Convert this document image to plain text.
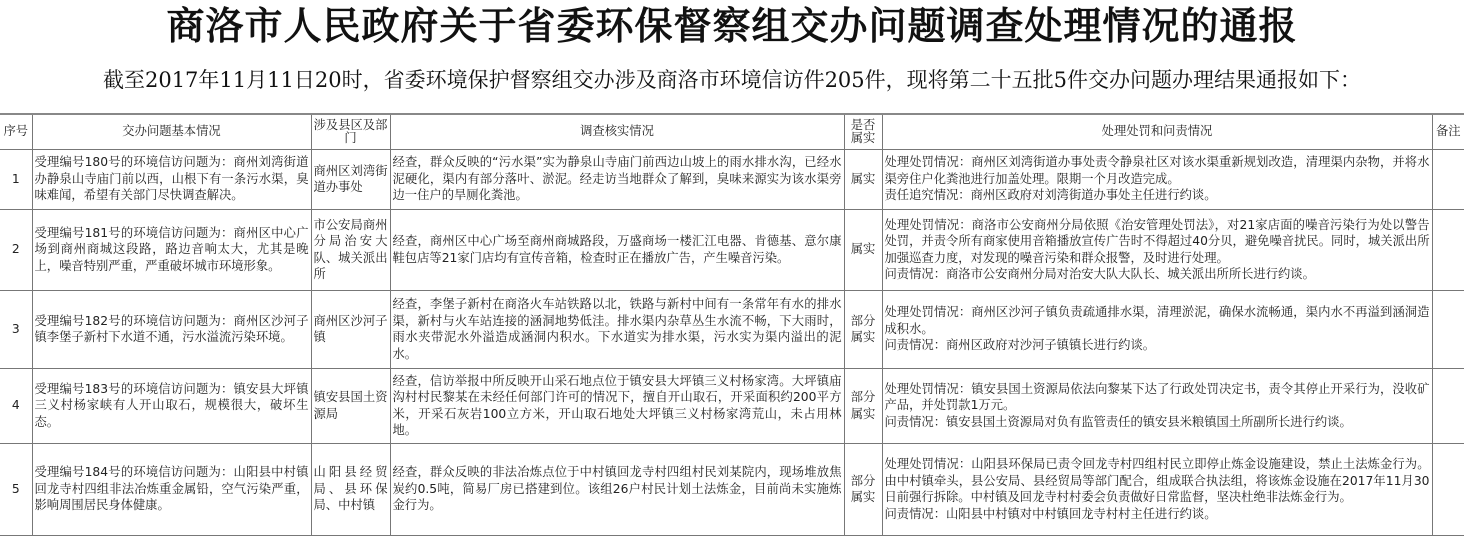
商洛市人民政府关于省委环保督察组交办问题调查处理情况的通报
截至2017年11月11日20时，省委环境保护督察组交办涉及商洛市环境信访件205件，现将第二十五批5件交办问题办理结果通报如下：
序号	交办问题基本情况	涉及县区及部门	调查核实情况	是否属实	处理处罚和问责情况	备注
1	受理编号180号的环境信访问题为：商州刘湾街道办静泉山寺庙门前以西，山根下有一条污水渠，臭味难闻，希望有关部门尽快调查解决。	商州区刘湾街道办事处	经查，群众反映的“污水渠”实为静泉山寺庙门前西边山坡上的雨水排水沟，已经水泥硬化，渠内有部分落叶、淤泥。经走访当地群众了解到，臭味来源实为该水渠旁边一住户的旱厕化粪池。	属实	处理处罚情况：商州区刘湾街道办事处责令静泉社区对该水渠重新规划改造，清理渠内杂物，并将水渠旁住户化粪池进行加盖处理。限期一个月改造完成。
责任追究情况：商州区政府对刘湾街道办事处主任进行约谈。	

2	受理编号181号的环境信访问题为：商州区中心广场到商州商城这段路，路边音响太大，尤其是晚上，噪音特别严重，严重破坏城市环境形象。	市公安局商州分局治安大队、城关派出所	经查，商州区中心广场至商州商城路段，万盛商场一楼汇江电器、肯德基、意尔康鞋包店等21家门店均有宣传音箱，检查时正在播放广告，产生噪音污染。	属实	处理处罚情况：商洛市公安商州分局依照《治安管理处罚法》，对21家店面的噪音污染行为处以警告处罚，并责令所有商家使用音箱播放宣传广告时不得超过40分贝，避免噪音扰民。同时，城关派出所加强巡查力度，对发现的噪音污染和群众报警，及时进行处理。
问责情况：商洛市公安商州分局对治安大队大队长、城关派出所所长进行约谈。	

3	受理编号182号的环境信访问题为：商州区沙河子镇李堡子新村下水道不通，污水溢流污染环境。	商州区沙河子镇	经查，李堡子新村在商洛火车站铁路以北，铁路与新村中间有一条常年有水的排水渠，新村与火车站连接的涵洞地势低洼。排水渠内杂草丛生水流不畅，下大雨时，雨水夹带泥水外溢造成涵洞内积水。下水道实为排水渠，污水实为渠内溢出的泥水。	部分属实	处理处罚情况：商州区沙河子镇负责疏通排水渠，清理淤泥，确保水流畅通，渠内水不再溢到涵洞造成积水。
问责情况：商州区政府对沙河子镇镇长进行约谈。	

4	受理编号183号的环境信访问题为：镇安县大坪镇三义村杨家峡有人开山取石，规模很大，破坏生态。	镇安县国土资源局	经查，信访举报中所反映开山采石地点位于镇安县大坪镇三义村杨家湾。大坪镇庙沟村村民黎某在未经任何部门许可的情况下，擅自开山取石，开采面积约200平方米，开采石灰岩100立方米，开山取石地处大坪镇三义村杨家湾荒山，未占用林地。	部分属实	处理处罚情况：镇安县国土资源局依法向黎某下达了行政处罚决定书，责令其停止开采行为，没收矿产品，并处罚款1万元。
问责情况：镇安县国土资源局对负有监管责任的镇安县米粮镇国土所副所长进行约谈。	

5	受理编号184号的环境信访问题为：山阳县中村镇回龙寺村四组非法冶炼重金属铅，空气污染严重，影响周围居民身体健康。	山阳县经贸局、县环保局、中村镇	经查，群众反映的非法冶炼点位于中村镇回龙寺村四组村民刘某院内，现场堆放焦炭约0.5吨，简易厂房已搭建到位。该组26户村民计划土法炼金，目前尚未实施炼金行为。	部分属实	处理处罚情况：山阳县环保局已责令回龙寺村四组村民立即停止炼金设施建设，禁止土法炼金行为。由中村镇牵头，县公安局、县经贸局等部门配合，组成联合执法组，将该炼金设施在2017年11月30日前强行拆除。中村镇及回龙寺村村委会负责做好日常监督，坚决杜绝非法炼金行为。
问责情况：山阳县中村镇对中村镇回龙寺村村主任进行约谈。	
